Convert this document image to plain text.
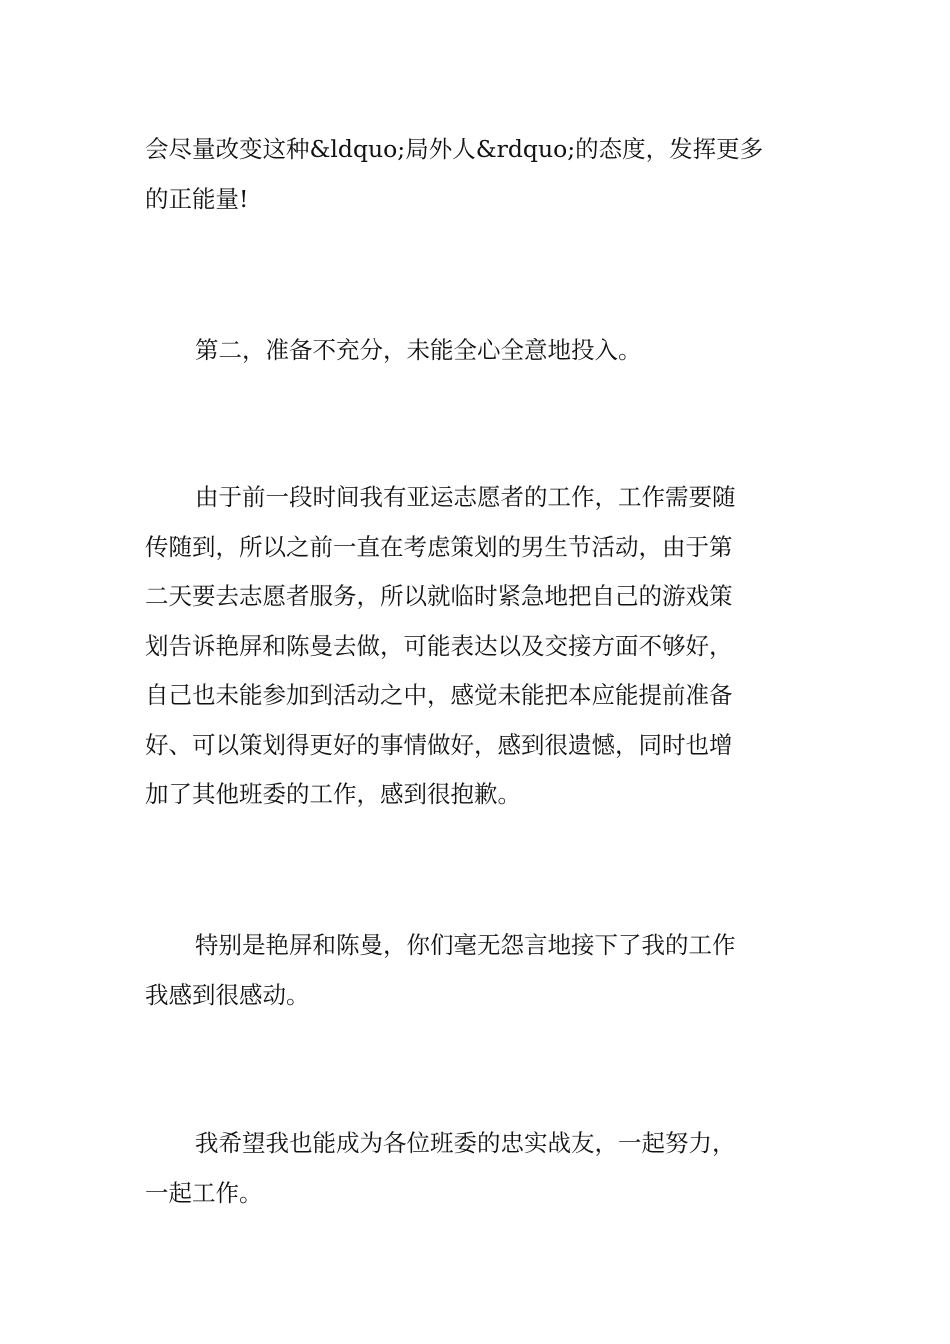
会尽量改变这种&ldquo;局外人&rdquo;的态度，发挥更多
的正能量!

第二，准备不充分，未能全心全意地投入。

由于前一段时间我有亚运志愿者的工作，工作需要随
传随到，所以之前一直在考虑策划的男生节活动，由于第
二天要去志愿者服务，所以就临时紧急地把自己的游戏策
划告诉艳屏和陈曼去做，可能表达以及交接方面不够好，
自己也未能参加到活动之中，感觉未能把本应能提前准备
好、可以策划得更好的事情做好，感到很遗憾，同时也增
加了其他班委的工作，感到很抱歉。

特别是艳屏和陈曼，你们毫无怨言地接下了我的工作
我感到很感动。

我希望我也能成为各位班委的忠实战友，一起努力，
一起工作。
